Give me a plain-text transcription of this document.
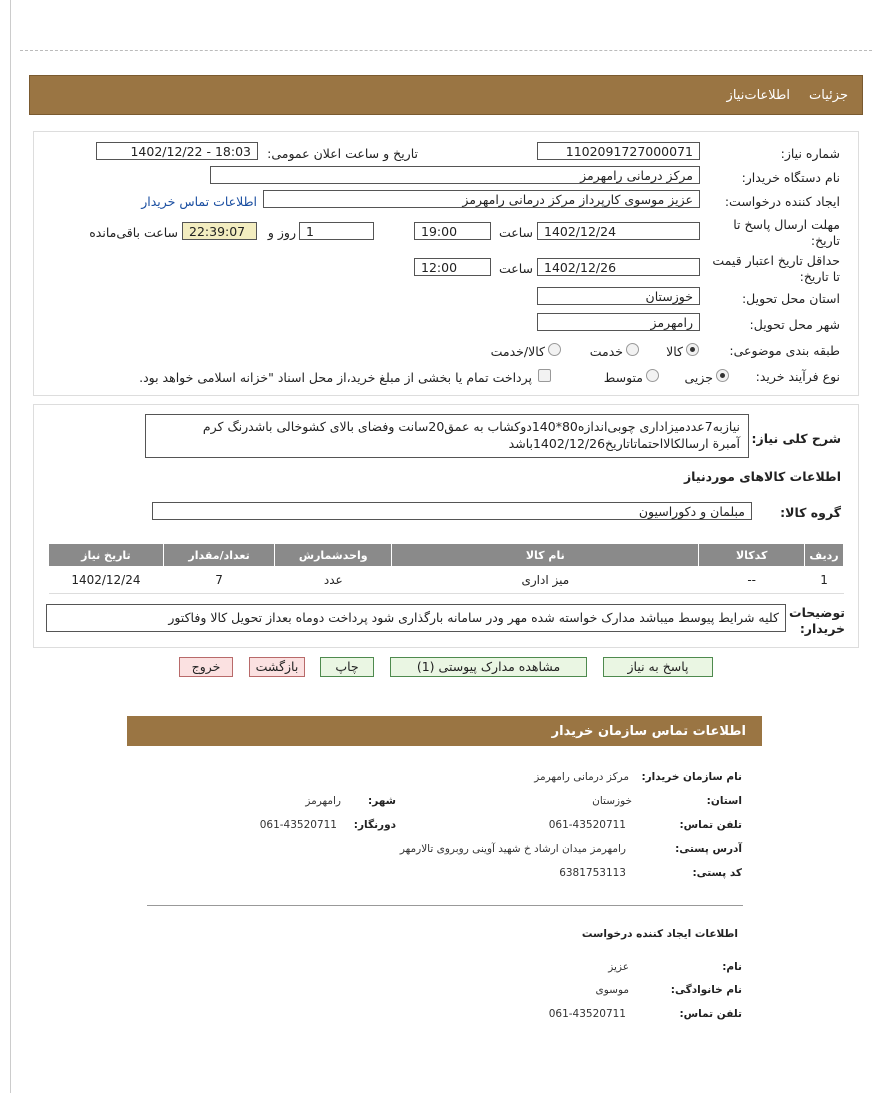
جزئیات
اطلاعات‌نیاز
شماره نیاز:
1102091727000071
تاریخ و ساعت اعلان عمومی:
1402/12/22 - 18:03
نام دستگاه خریدار:
مرکز درمانی رامهرمز
ایجاد کننده درخواست:
عزیز موسوی کارپرداز مرکز درمانی رامهرمز
اطلاعات تماس خریدار
مهلت ارسال پاسخ تا تاریخ:
1402/12/24
ساعت
19:00
1
روز و
22:39:07
ساعت باقی‌مانده
حداقل تاریخ اعتبار قیمت تا تاریخ:
1402/12/26
ساعت
12:00
استان محل تحویل:
خوزستان
شهر محل تحویل:
رامهرمز
طبقه بندی موضوعی:
کالا
خدمت
کالا/خدمت
نوع فرآیند خرید:
جزیی
متوسط
پرداخت تمام یا بخشی از مبلغ خرید،از محل اسناد "خزانه اسلامی خواهد بود.
شرح کلی نیاز:
نیازبه7عددمیزاداری چوبی‌اندازه80*140دوکشاب به عمق20سانت وفضای بالای کشوخالی باشدرنگ کرم
آمبرة ارسالکالااحتماتاتاریخ1402/12/26باشد
اطلاعات کالاهای موردنیاز
گروه کالا:
مبلمان و دکوراسیون
ردیف	کدکالا	نام کالا	واحدشمارش	تعداد/مقدار	تاریخ نیاز
1	--	میز اداری	عدد	7	1402/12/24
توضیحات خریدار:
کلیه شرایط پیوسط میباشد مدارک خواسته شده مهر ودر سامانه بارگذاری شود پرداخت دوماه بعداز تحویل کالا وفاکتور
پاسخ به نیاز
مشاهده مدارک پیوستی (1)
چاپ
بازگشت
خروج
اطلاعات تماس سازمان خریدار
نام سازمان خریدار:
مرکز درمانی رامهرمز
استان:
خوزستان
شهر:
رامهرمز
تلفن تماس:
061-43520711
دورنگار:
061-43520711
آدرس پستی:
رامهرمز میدان ارشاد خ شهید آوینی روبروی تالارمهر
کد پستی:
6381753113
اطلاعات ایجاد کننده درخواست
نام:
عزیز
نام خانوادگی:
موسوی
تلفن تماس:
061-43520711
